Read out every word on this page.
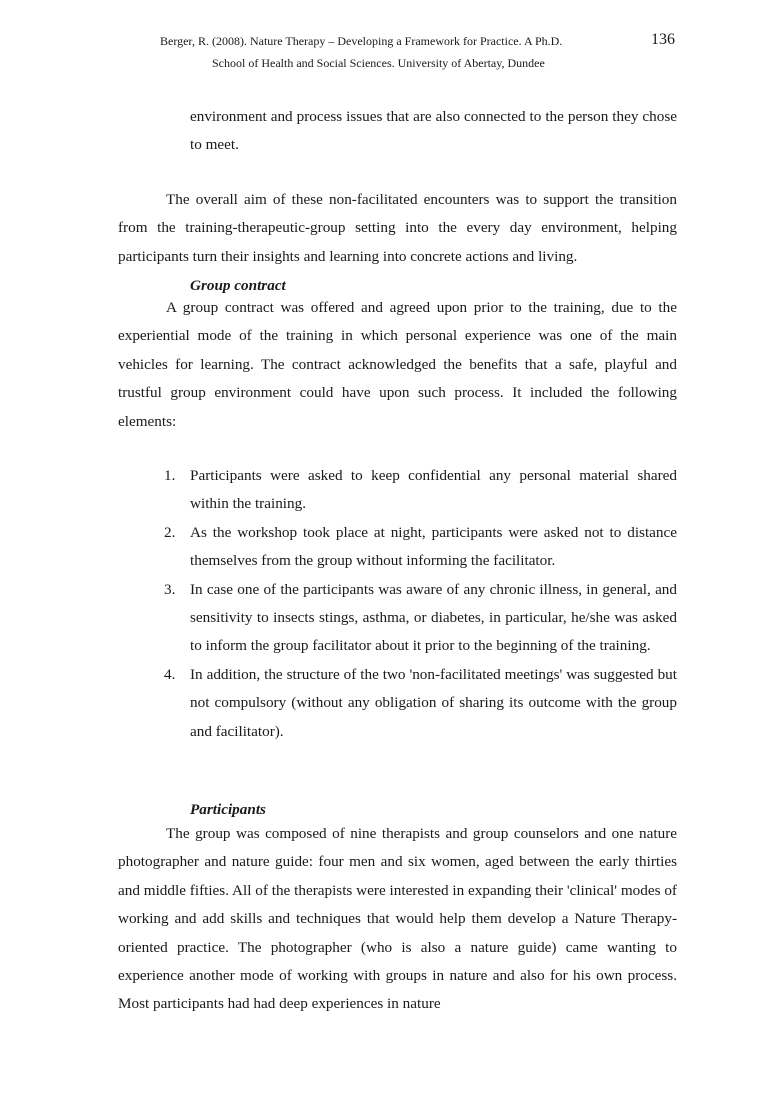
Berger, R. (2008). Nature Therapy – Developing a Framework for Practice. A Ph.D.	136
School of Health and Social Sciences. University of Abertay, Dundee
environment and process issues that are also connected to the person they chose to meet.
The overall aim of these non-facilitated encounters was to support the transition from the training-therapeutic-group setting into the every day environment, helping participants turn their insights and learning into concrete actions and living.
Group contract
A group contract was offered and agreed upon prior to the training, due to the experiential mode of the training in which personal experience was one of the main vehicles for learning. The contract acknowledged the benefits that a safe, playful and trustful group environment could have upon such process. It included the following elements:
1. Participants were asked to keep confidential any personal material shared within the training.
2. As the workshop took place at night, participants were asked not to distance themselves from the group without informing the facilitator.
3. In case one of the participants was aware of any chronic illness, in general, and sensitivity to insects stings, asthma, or diabetes, in particular, he/she was asked to inform the group facilitator about it prior to the beginning of the training.
4. In addition, the structure of the two 'non-facilitated meetings' was suggested but not compulsory (without any obligation of sharing its outcome with the group and facilitator).
Participants
The group was composed of nine therapists and group counselors and one nature photographer and nature guide: four men and six women, aged between the early thirties and middle fifties. All of the therapists were interested in expanding their 'clinical' modes of working and add skills and techniques that would help them develop a Nature Therapy-oriented practice. The photographer (who is also a nature guide) came wanting to experience another mode of working with groups in nature and also for his own process. Most participants had had deep experiences in nature
